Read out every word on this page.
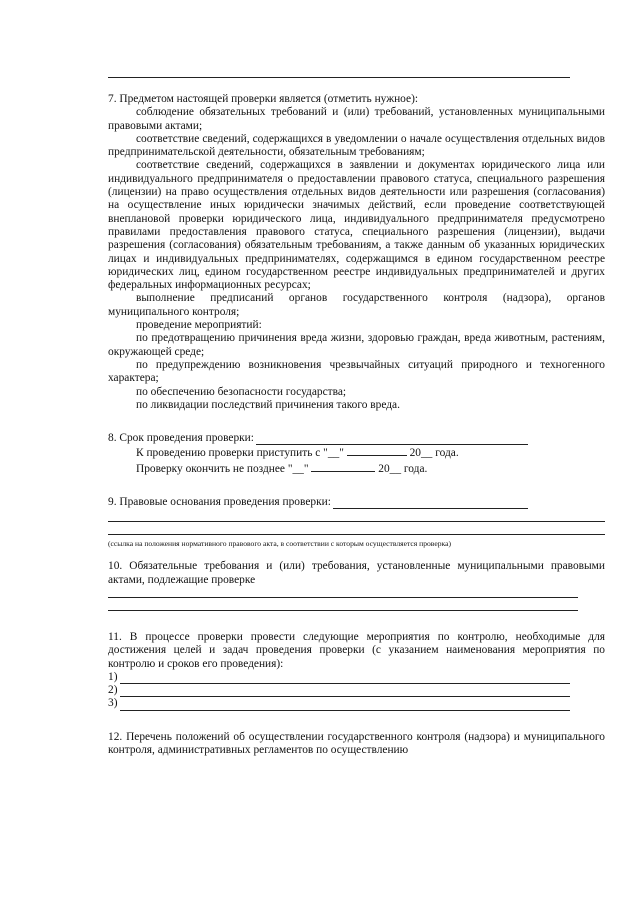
7. Предметом настоящей проверки является (отметить нужное):

соблюдение обязательных требований и (или) требований, установленных муниципальными правовыми актами;

соответствие сведений, содержащихся в уведомлении о начале осуществления отдельных видов предпринимательской деятельности, обязательным требованиям;

соответствие сведений, содержащихся в заявлении и документах юридического лица или индивидуального предпринимателя о предоставлении правового статуса, специального разрешения (лицензии) на право осуществления отдельных видов деятельности или разрешения (согласования) на осуществление иных юридически значимых действий, если проведение соответствующей внеплановой проверки юридического лица, индивидуального предпринимателя предусмотрено правилами предоставления правового статуса, специального разрешения (лицензии), выдачи разрешения (согласования) обязательным требованиям, а также данным об указанных юридических лицах и индивидуальных предпринимателях, содержащимся в едином государственном реестре юридических лиц, едином государственном реестре индивидуальных предпринимателей и других федеральных информационных ресурсах;

выполнение предписаний органов государственного контроля (надзора), органов муниципального контроля;

проведение мероприятий:

по предотвращению причинения вреда жизни, здоровью граждан, вреда животным, растениям, окружающей среде;

по предупреждению возникновения чрезвычайных ситуаций природного и техногенного характера;

по обеспечению безопасности государства;

по ликвидации последствий причинения такого вреда.

8. Срок проведения проверки:
К проведению проверки приступить с "__"	20__ года.
Проверку окончить не позднее "__"	20__ года.
9. Правовые основания проведения проверки:

(ссылка на положения нормативного правового акта, в соответствии с которым осуществляется проверка)

10. Обязательные требования и (или) требования, установленные муниципальными правовыми актами, подлежащие проверке

11. В процессе проверки провести следующие мероприятия по контролю, необходимые для достижения целей и задач проведения проверки (с указанием наименования мероприятия по контролю и сроков его проведения):

1)
2)
3)

12. Перечень положений об осуществлении государственного контроля (надзора) и муниципального контроля, административных регламентов по осуществлению
